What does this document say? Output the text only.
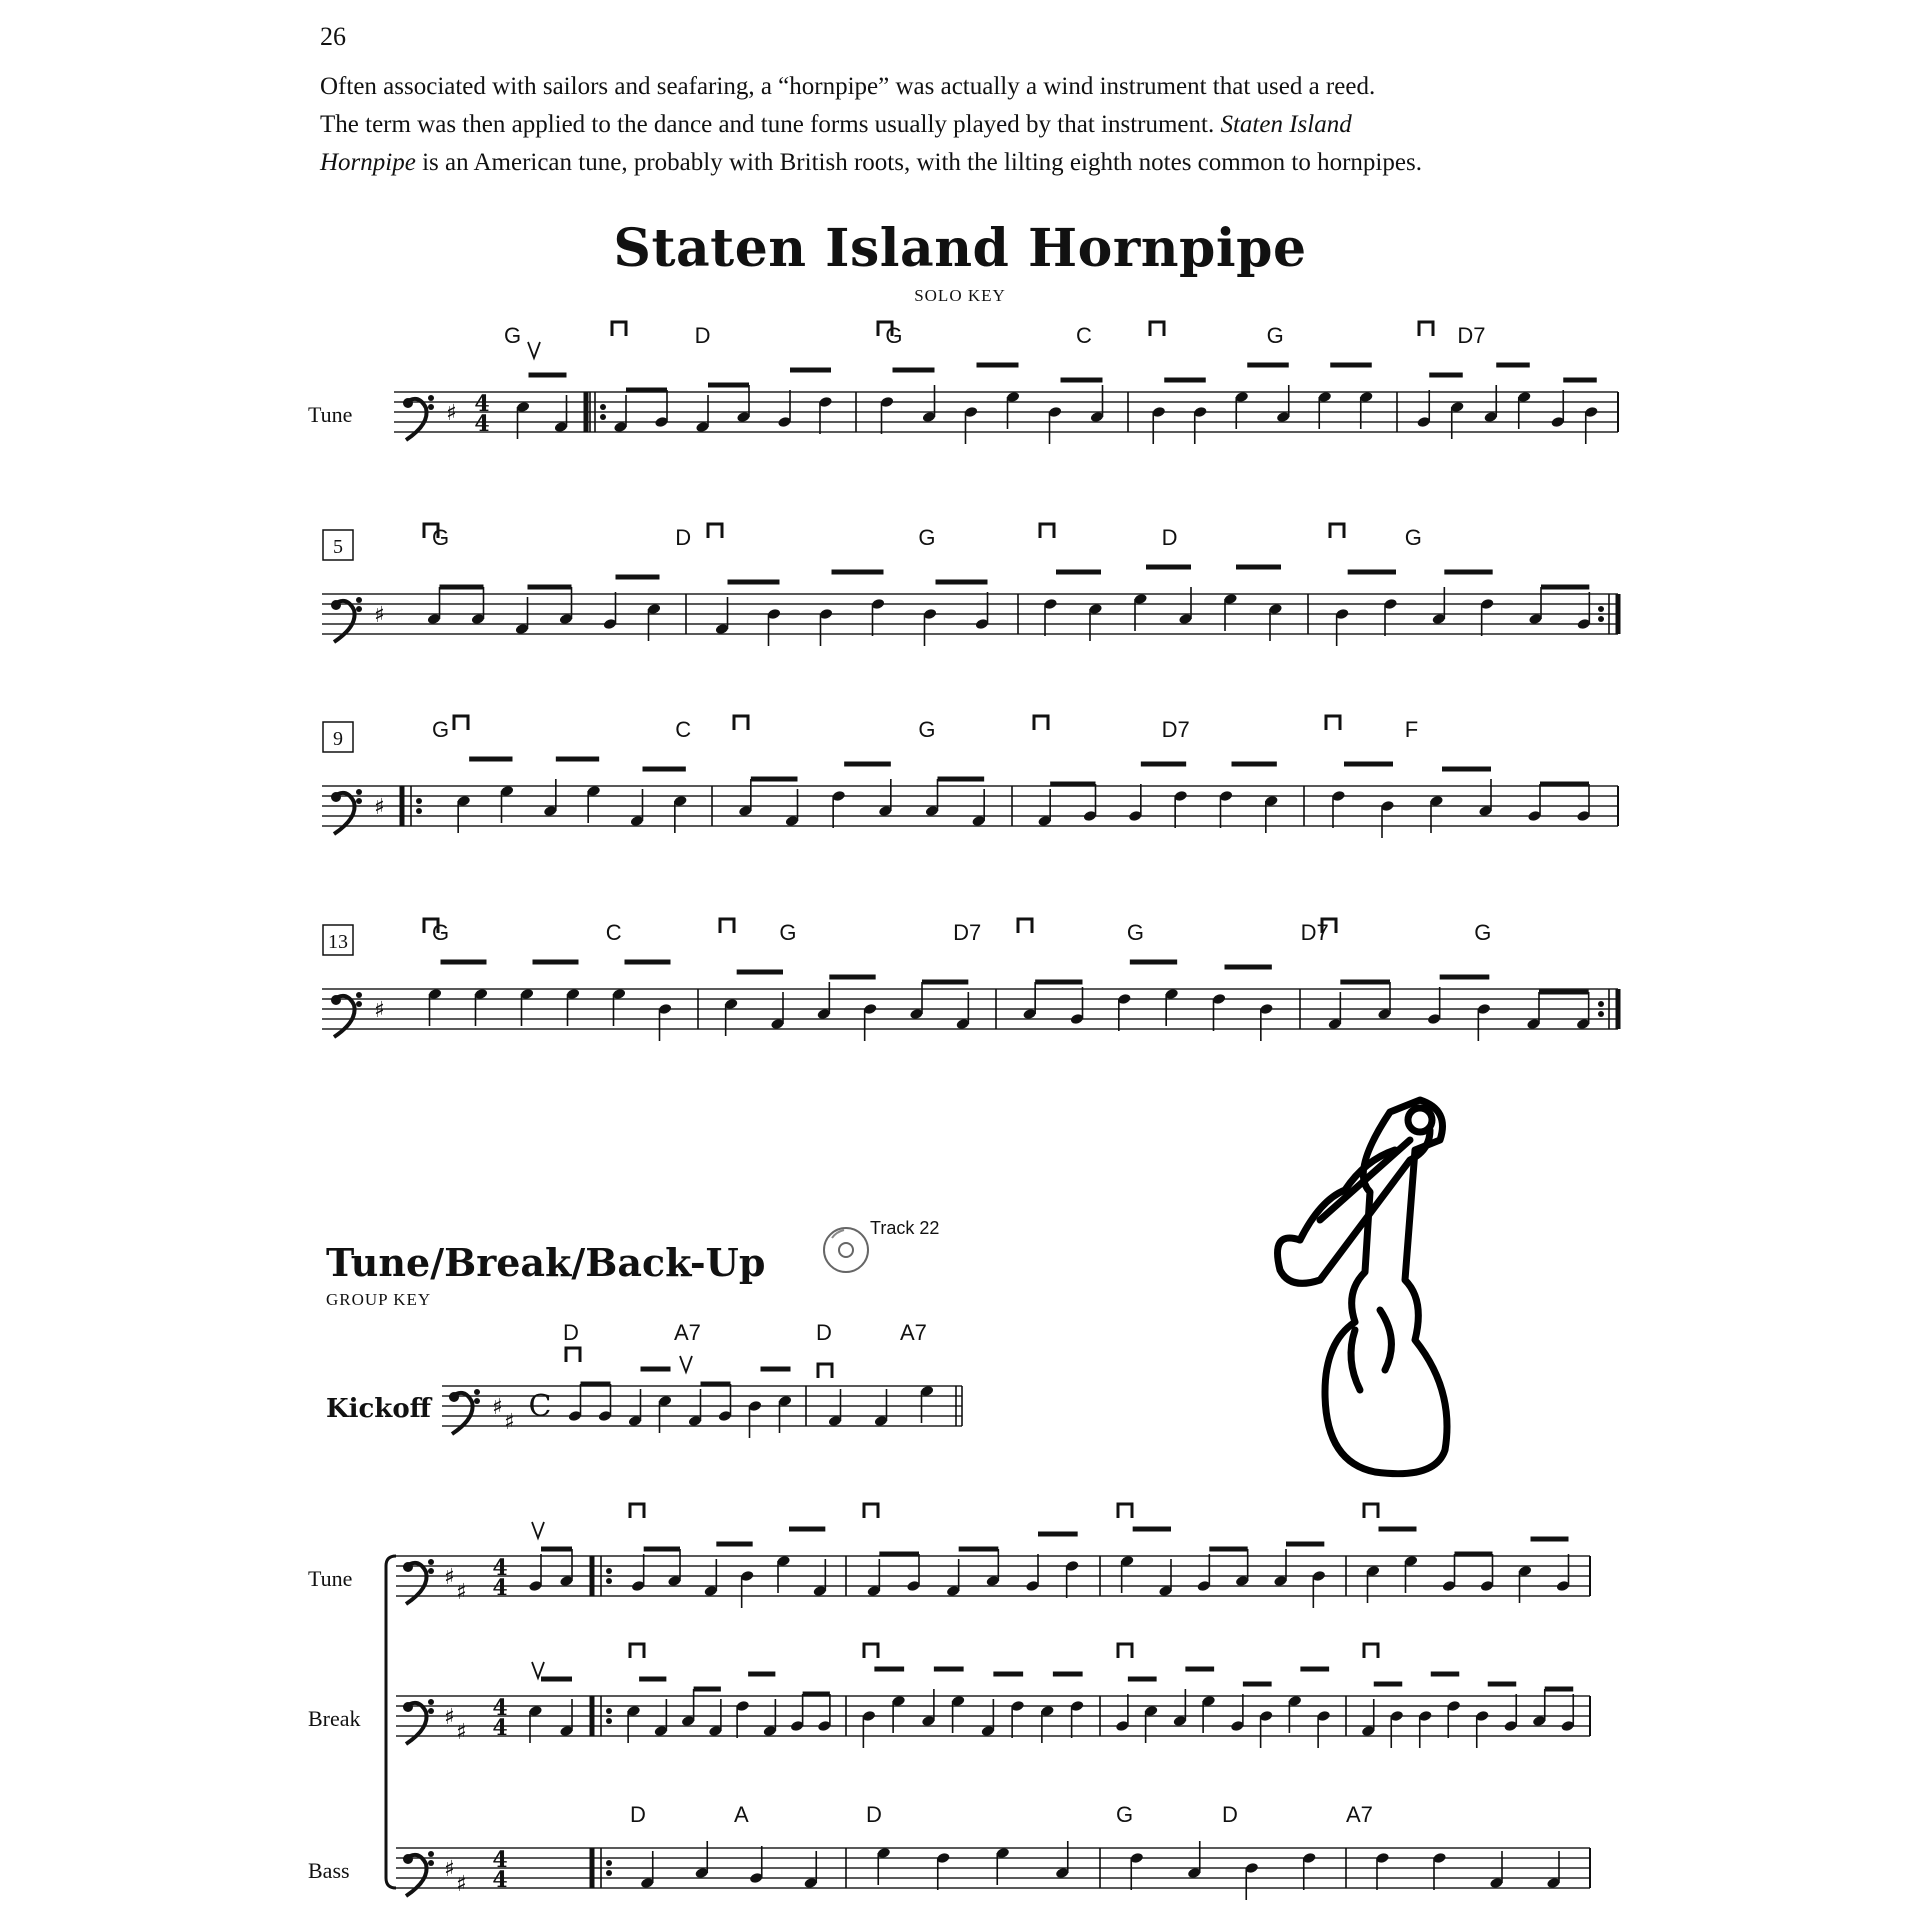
26

Often associated with sailors and seafaring, a “hornpipe” was actually a wind instrument that used a reed.

The term was then applied to the dance and tune forms usually played by that instrument. Staten Island

Hornpipe is an American tune, probably with British roots, with the lilting eighth notes common to hornpipes.

Staten Island Hornpipe
SOLO KEY
Tune/Break/Back-Up
GROUP KEY
Track 22
♯ 4
4
Tune
G	D	G	C	G	D7
♯
5	G	D	G	D	G
♯
9	G	C	G	D7	F
♯
13	G	C	G	D7	G	D7	G
Kickoff	♯
♯ C
D	A7	D	A7
♯
♯
4
4
Tune
♯
♯
4
4
Break
♯
♯
4
4
Bass
D	A	D	G	D	A7
